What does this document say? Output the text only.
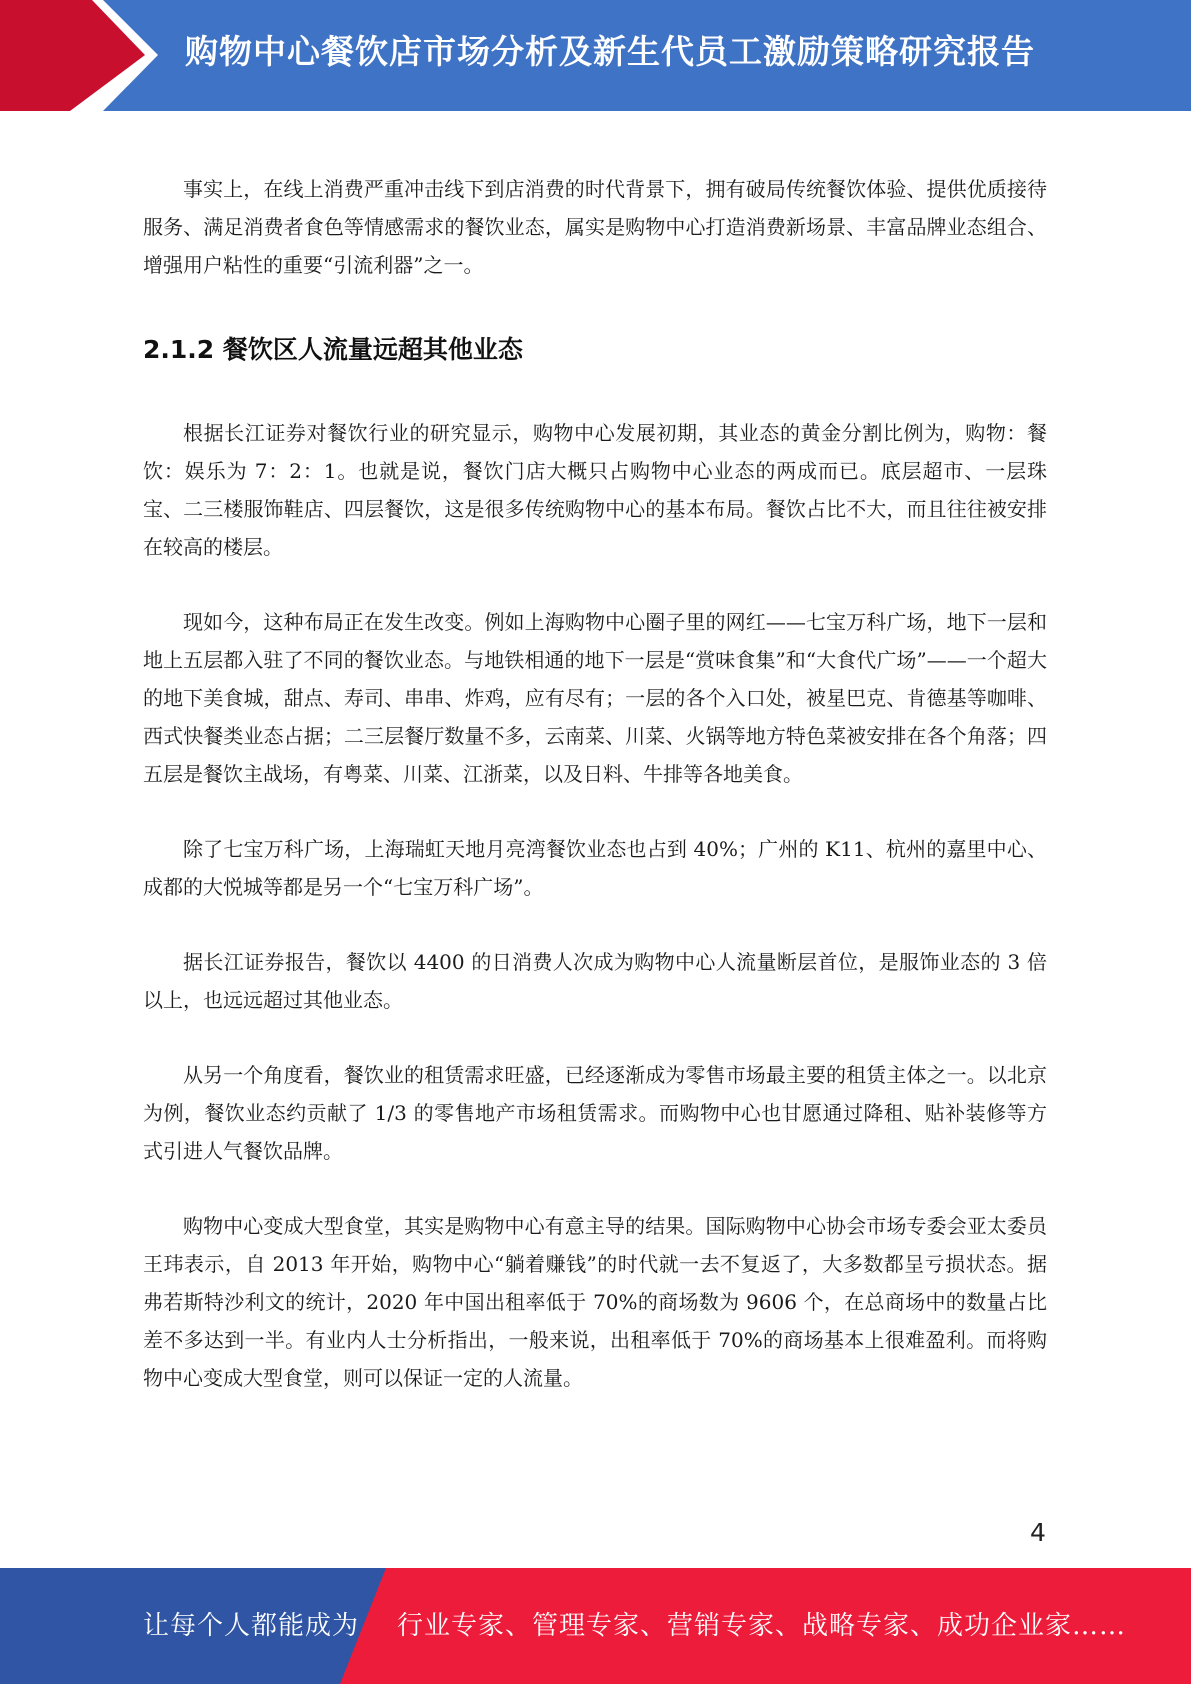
购物中心餐饮店市场分析及新生代员工激励策略研究报告

事实上，在线上消费严重冲击线下到店消费的时代背景下，拥有破局传统餐饮体验、提供优质接待服务、满足消费者食色等情感需求的餐饮业态，属实是购物中心打造消费新场景、丰富品牌业态组合、增强用户粘性的重要“引流利器”之一。

2.1.2 餐饮区人流量远超其他业态

根据长江证券对餐饮行业的研究显示，购物中心发展初期，其业态的黄金分割比例为，购物：餐饮：娱乐为 7：2：1。也就是说，餐饮门店大概只占购物中心业态的两成而已。底层超市、一层珠宝、二三楼服饰鞋店、四层餐饮，这是很多传统购物中心的基本布局。餐饮占比不大，而且往往被安排在较高的楼层。

现如今，这种布局正在发生改变。例如上海购物中心圈子里的网红——七宝万科广场，地下一层和地上五层都入驻了不同的餐饮业态。与地铁相通的地下一层是“赏味食集”和“大食代广场”——一个超大的地下美食城，甜点、寿司、串串、炸鸡，应有尽有；一层的各个入口处，被星巴克、肯德基等咖啡、西式快餐类业态占据；二三层餐厅数量不多，云南菜、川菜、火锅等地方特色菜被安排在各个角落；四五层是餐饮主战场，有粤菜、川菜、江浙菜，以及日料、牛排等各地美食。

除了七宝万科广场，上海瑞虹天地月亮湾餐饮业态也占到 40%；广州的 K11、杭州的嘉里中心、成都的大悦城等都是另一个“七宝万科广场”。

据长江证券报告，餐饮以 4400 的日消费人次成为购物中心人流量断层首位，是服饰业态的 3 倍以上，也远远超过其他业态。

从另一个角度看，餐饮业的租赁需求旺盛，已经逐渐成为零售市场最主要的租赁主体之一。以北京为例，餐饮业态约贡献了 1/3 的零售地产市场租赁需求。而购物中心也甘愿通过降租、贴补装修等方式引进人气餐饮品牌。

购物中心变成大型食堂，其实是购物中心有意主导的结果。国际购物中心协会市场专委会亚太委员王玮表示，自 2013 年开始，购物中心“躺着赚钱”的时代就一去不复返了，大多数都呈亏损状态。据弗若斯特沙利文的统计，2020 年中国出租率低于 70%的商场数为 9606 个，在总商场中的数量占比差不多达到一半。有业内人士分析指出，一般来说，出租率低于 70%的商场基本上很难盈利。而将购物中心变成大型食堂，则可以保证一定的人流量。

4
让每个人都能成为 行业专家、管理专家、营销专家、战略专家、成功企业家……
